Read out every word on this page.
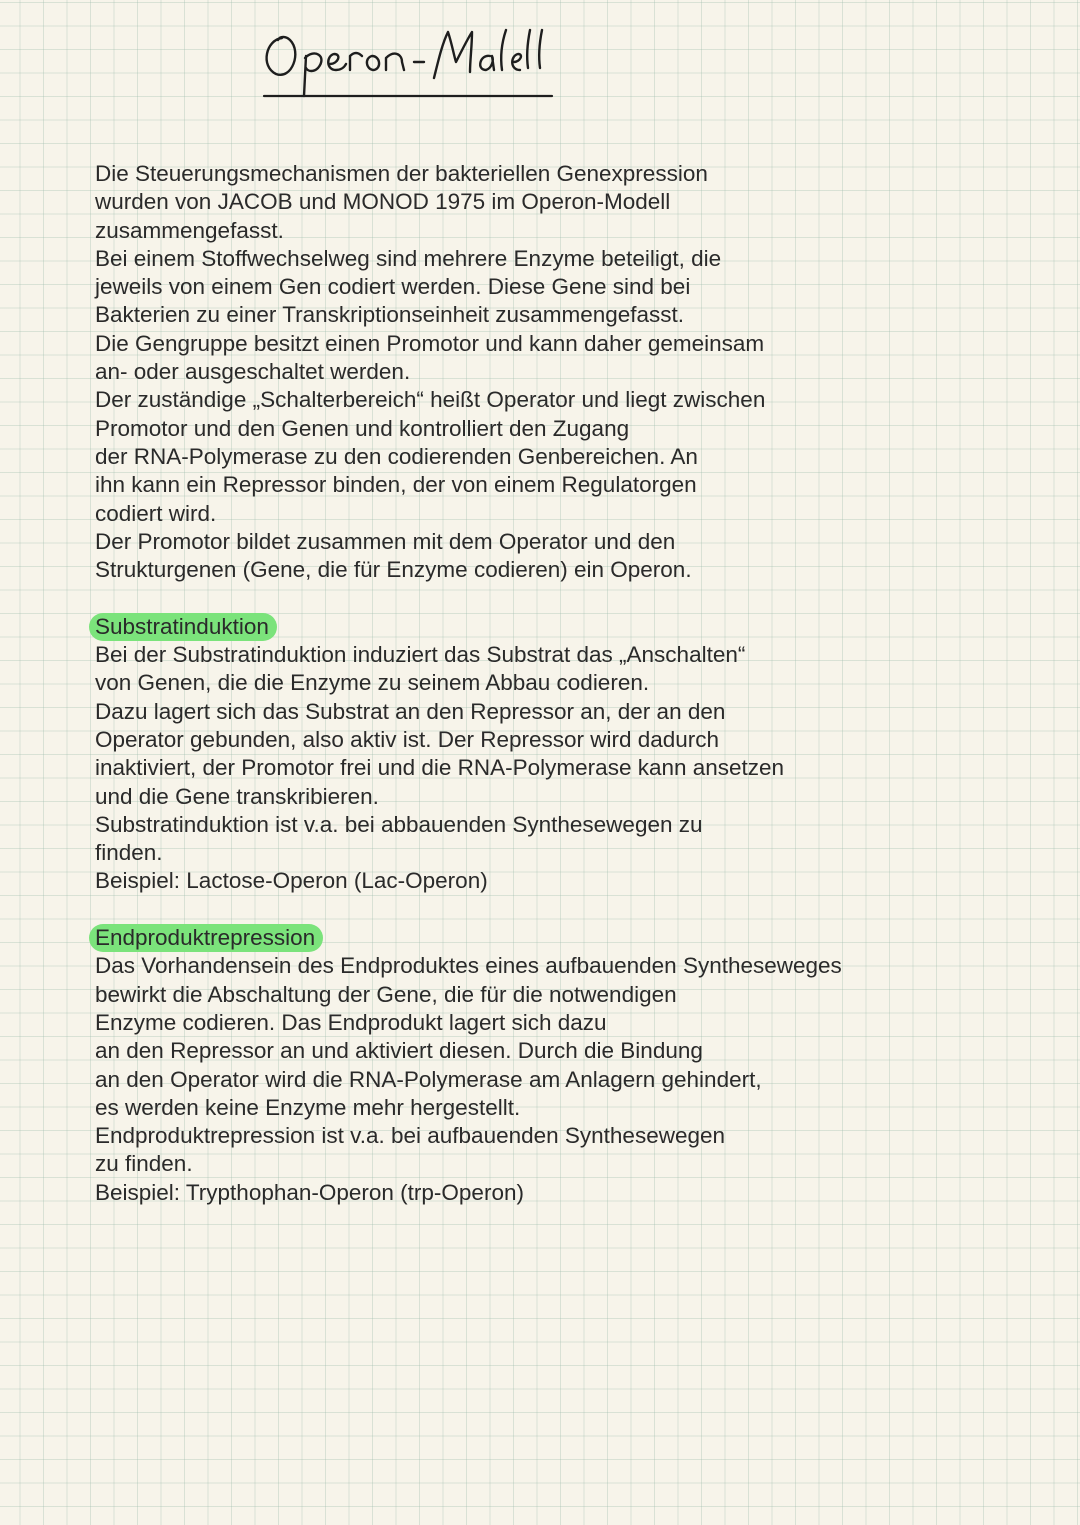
Die Steuerungsmechanismen der bakteriellen Genexpression
wurden von JACOB und MONOD 1975 im Operon-Modell
zusammengefasst.
Bei einem Stoffwechselweg sind mehrere Enzyme beteiligt, die
jeweils von einem Gen codiert werden. Diese Gene sind bei
Bakterien zu einer Transkriptionseinheit zusammengefasst.
Die Gengruppe besitzt einen Promotor und kann daher gemeinsam
an- oder ausgeschaltet werden.
Der zuständige „Schalterbereich“ heißt Operator und liegt zwischen
Promotor und den Genen und kontrolliert den Zugang
der RNA-Polymerase zu den codierenden Genbereichen. An
ihn kann ein Repressor binden, der von einem Regulatorgen
codiert wird.
Der Promotor bildet zusammen mit dem Operator und den
Strukturgenen (Gene, die für Enzyme codieren) ein Operon.
Substratinduktion
Bei der Substratinduktion induziert das Substrat das „Anschalten“
von Genen, die die Enzyme zu seinem Abbau codieren.
Dazu lagert sich das Substrat an den Repressor an, der an den
Operator gebunden, also aktiv ist. Der Repressor wird dadurch
inaktiviert, der Promotor frei und die RNA-Polymerase kann ansetzen
und die Gene transkribieren.
Substratinduktion ist v.a. bei abbauenden Synthesewegen zu
finden.
Beispiel: Lactose-Operon (Lac-Operon)
Endproduktrepression
Das Vorhandensein des Endproduktes eines aufbauenden Syntheseweges
bewirkt die Abschaltung der Gene, die für die notwendigen
Enzyme codieren. Das Endprodukt lagert sich dazu
an den Repressor an und aktiviert diesen. Durch die Bindung
an den Operator wird die RNA-Polymerase am Anlagern gehindert,
es werden keine Enzyme mehr hergestellt.
Endproduktrepression ist v.a. bei aufbauenden Synthesewegen
zu finden.
Beispiel: Trypthophan-Operon (trp-Operon)
